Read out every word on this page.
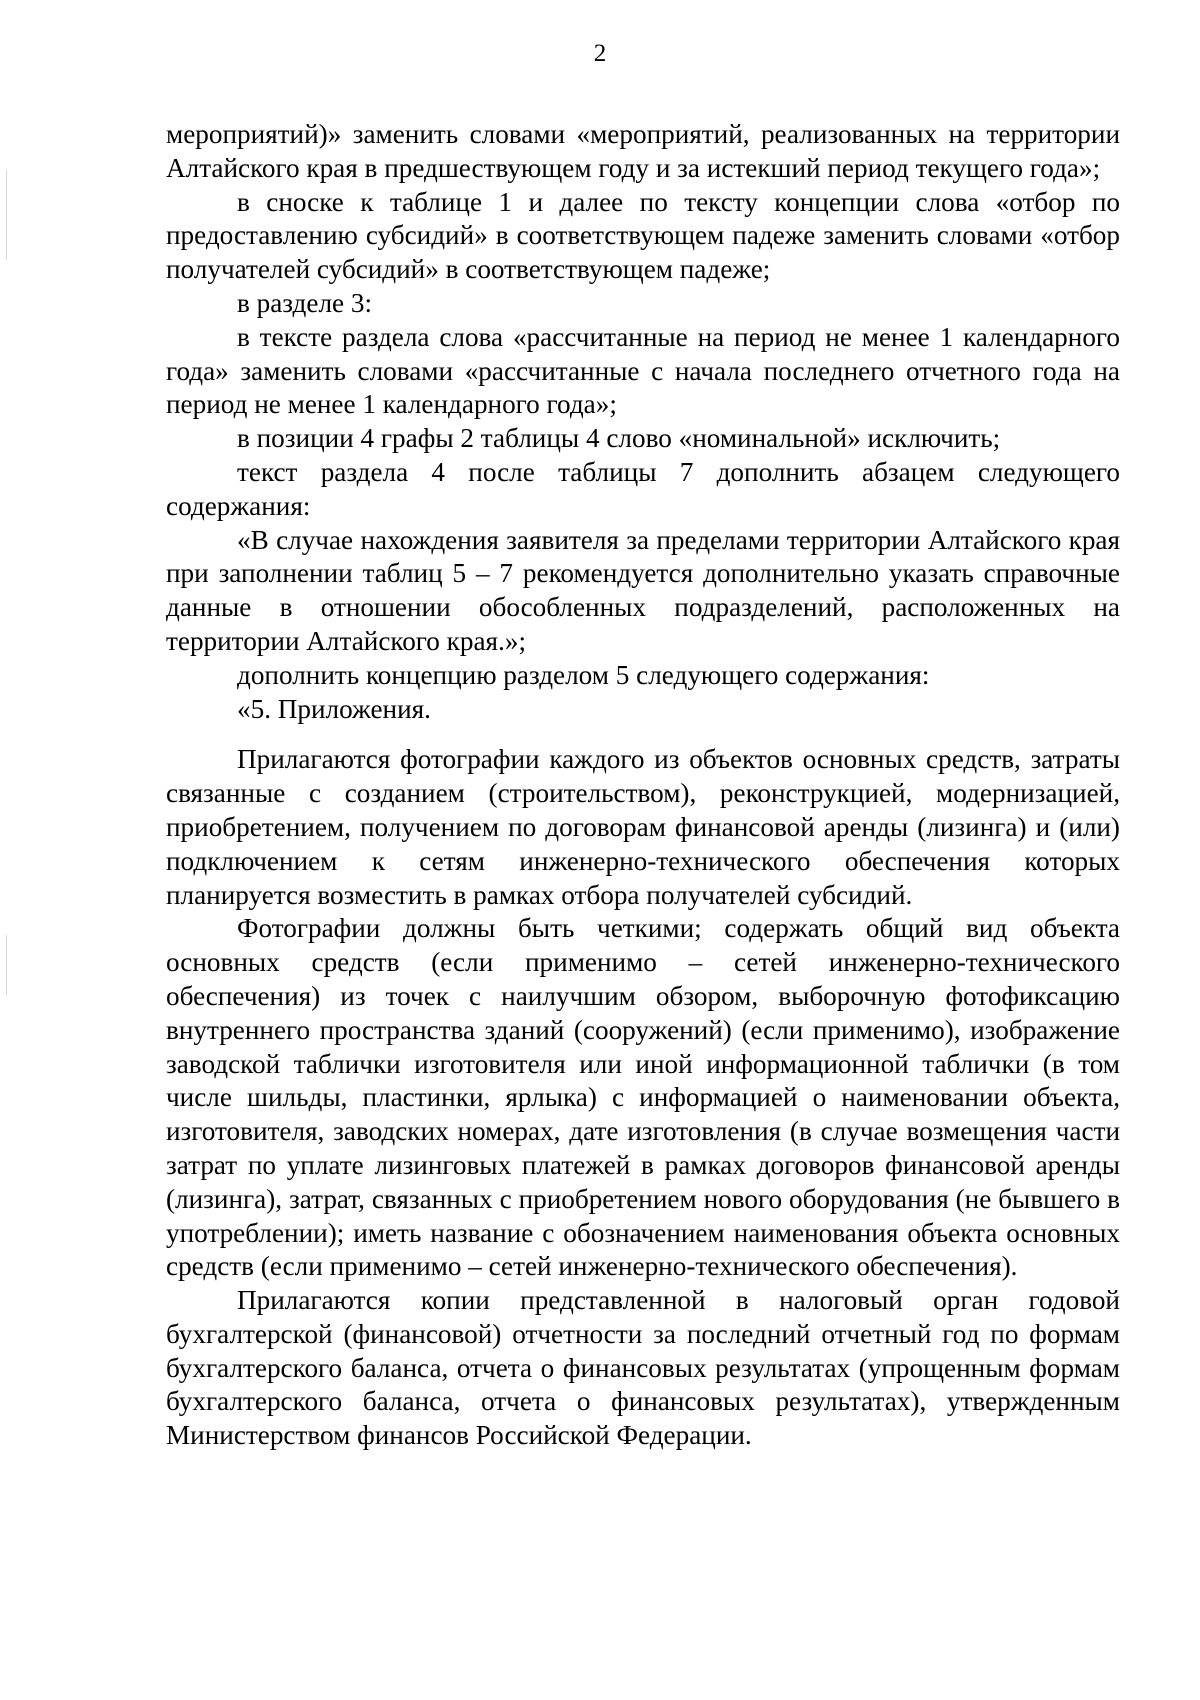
2

мероприятий)» заменить словами «мероприятий, реализованных на территории Алтайского края в предшествующем году и за истекший период текущего года»;

в сноске к таблице 1 и далее по тексту концепции слова «отбор по предоставлению субсидий» в соответствующем падеже заменить словами «отбор получателей субсидий» в соответствующем падеже;

в разделе 3:

в тексте раздела слова «рассчитанные на период не менее 1 календарного года» заменить словами «рассчитанные с начала последнего отчетного года на период не менее 1 календарного года»;

в позиции 4 графы 2 таблицы 4 слово «номинальной» исключить;

текст раздела 4 после таблицы 7 дополнить абзацем следующего содержания:

«В случае нахождения заявителя за пределами территории Алтайского края при заполнении таблиц 5 – 7 рекомендуется дополнительно указать справочные данные в отношении обособленных подразделений, расположенных на территории Алтайского края.»;

дополнить концепцию разделом 5 следующего содержания:

«5. Приложения.

Прилагаются фотографии каждого из объектов основных средств, затраты связанные с созданием (строительством), реконструкцией, модернизацией, приобретением, получением по договорам финансовой аренды (лизинга) и (или) подключением к сетям инженерно-технического обеспечения которых планируется возместить в рамках отбора получателей субсидий.

Фотографии должны быть четкими; содержать общий вид объекта основных средств (если применимо – сетей инженерно-технического обеспечения) из точек с наилучшим обзором, выборочную фотофиксацию внутреннего пространства зданий (сооружений) (если применимо), изображение заводской таблички изготовителя или иной информационной таблички (в том числе шильды, пластинки, ярлыка) с информацией о наименовании объекта, изготовителя, заводских номерах, дате изготовления (в случае возмещения части затрат по уплате лизинговых платежей в рамках договоров финансовой аренды (лизинга), затрат, связанных с приобретением нового оборудования (не бывшего в употреблении); иметь название с обозначением наименования объекта основных средств (если применимо – сетей инженерно-технического обеспечения).

Прилагаются копии представленной в налоговый орган годовой бухгалтерской (финансовой) отчетности за последний отчетный год по формам бухгалтерского баланса, отчета о финансовых результатах (упрощенным формам бухгалтерского баланса, отчета о финансовых результатах), утвержденным Министерством финансов Российской Федерации.
